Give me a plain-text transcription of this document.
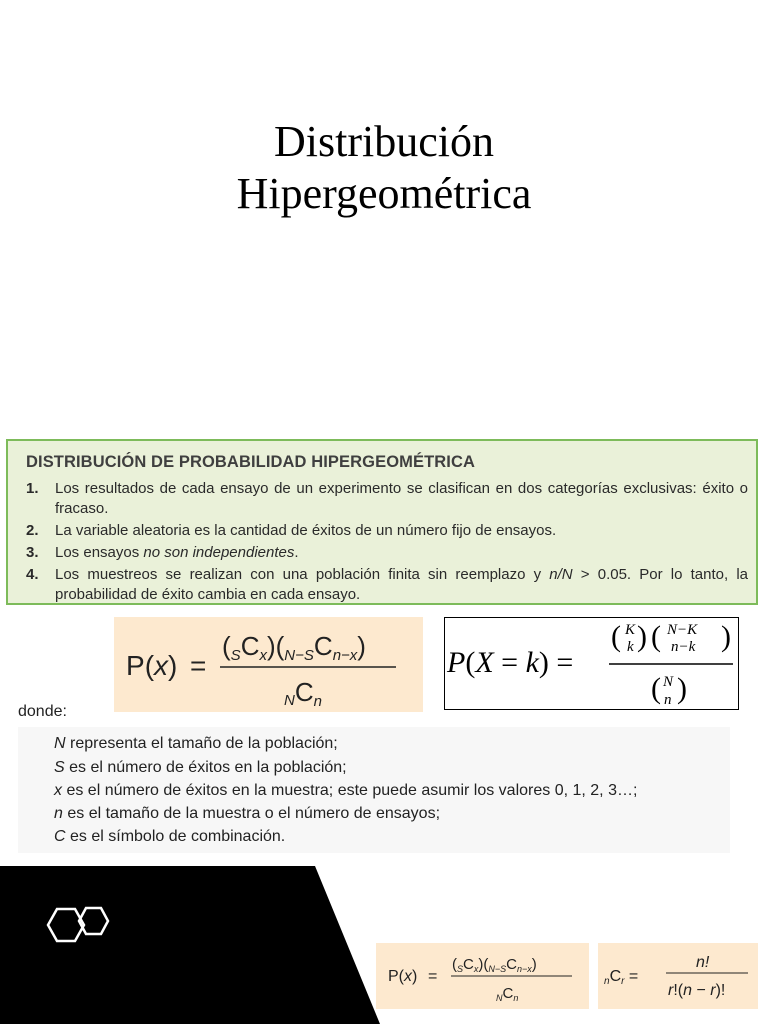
Distribución
Hipergeométrica
DISTRIBUCIÓN DE PROBABILIDAD HIPERGEOMÉTRICA
1.	Los resultados de cada ensayo de un experimento se clasifican en dos categorías exclusivas: éxito o fracaso.
2.	La variable aleatoria es la cantidad de éxitos de un número fijo de ensayos.
3.	Los ensayos no son independientes.
4.	Los muestreos se realizan con una población finita sin reemplazo y n/N > 0.05. Por lo tanto, la probabilidad de éxito cambia en cada ensayo.
P(x) =
(SCx)(N−SCn−x)
NCn
P(X = k) =
( K
k ) ( N−K
n−k )
( N
n )
donde:
N representa el tamaño de la población;
S es el número de éxitos en la población;
x es el número de éxitos en la muestra; este puede asumir los valores 0, 1, 2, 3…;
n es el tamaño de la muestra o el número de ensayos;
C es el símbolo de combinación.
P(x) =
$(_SC_x)(_{N-S}C_{n-x})$
$_NC_n$
nCr =
n!
r!(n − r)!
